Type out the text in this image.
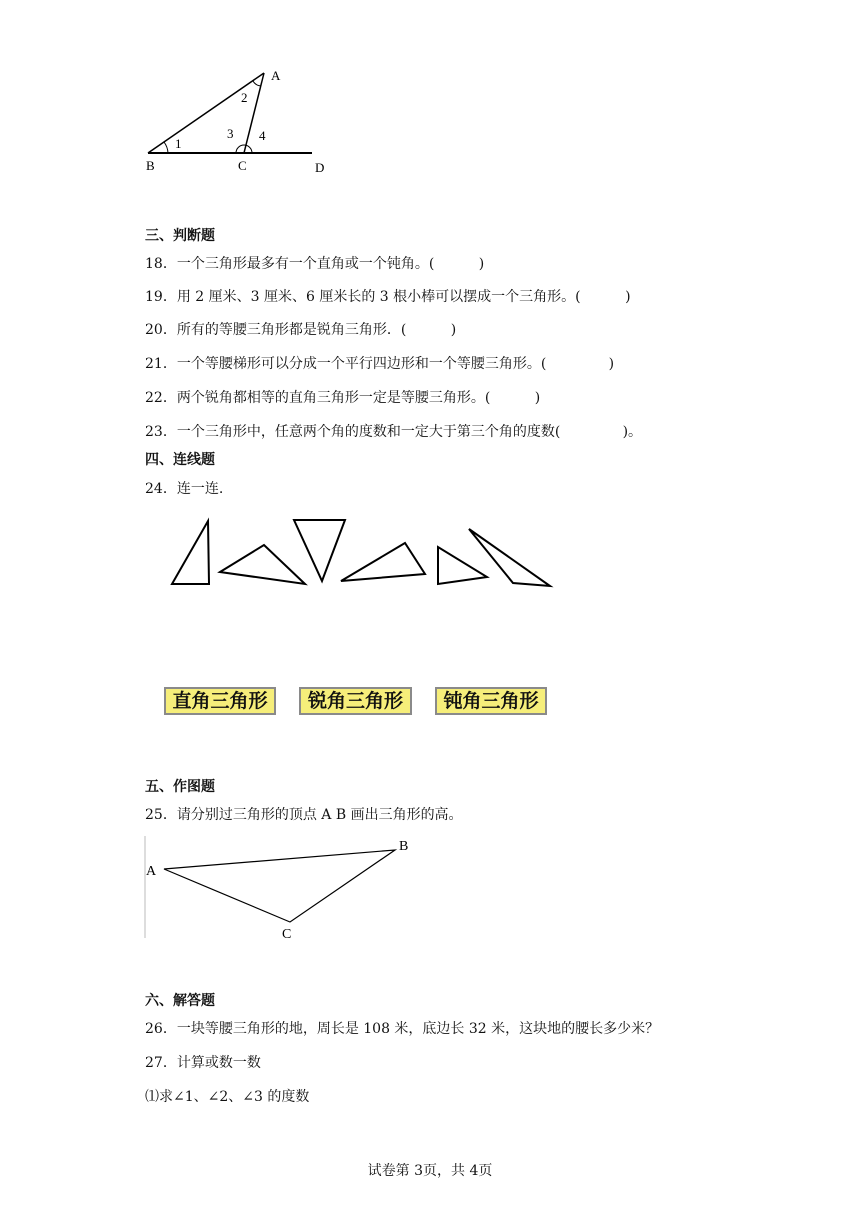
A
B	C	D
1
2
3 4
三、判断题
18．一个三角形最多有一个直角或一个钝角。(          )
19．用 2 厘米、3 厘米、6 厘米长的 3 根小棒可以摆成一个三角形。(          )
20．所有的等腰三角形都是锐角三角形．(          )
21．一个等腰梯形可以分成一个平行四边形和一个等腰三角形。(              )
22．两个锐角都相等的直角三角形一定是等腰三角形。(          )
23．一个三角形中，任意两个角的度数和一定大于第三个角的度数(              )。
四、连线题
24．连一连.
直角三角形	锐角三角形	钝角三角形
五、作图题
25．请分别过三角形的顶点 A B 画出三角形的高。
A
B
C
六、解答题
26．一块等腰三角形的地，周长是 108 米，底边长 32 米，这块地的腰长多少米？
27．计算或数一数
⑴求∠1、∠2、∠3 的度数
试卷第 3页，共 4页
